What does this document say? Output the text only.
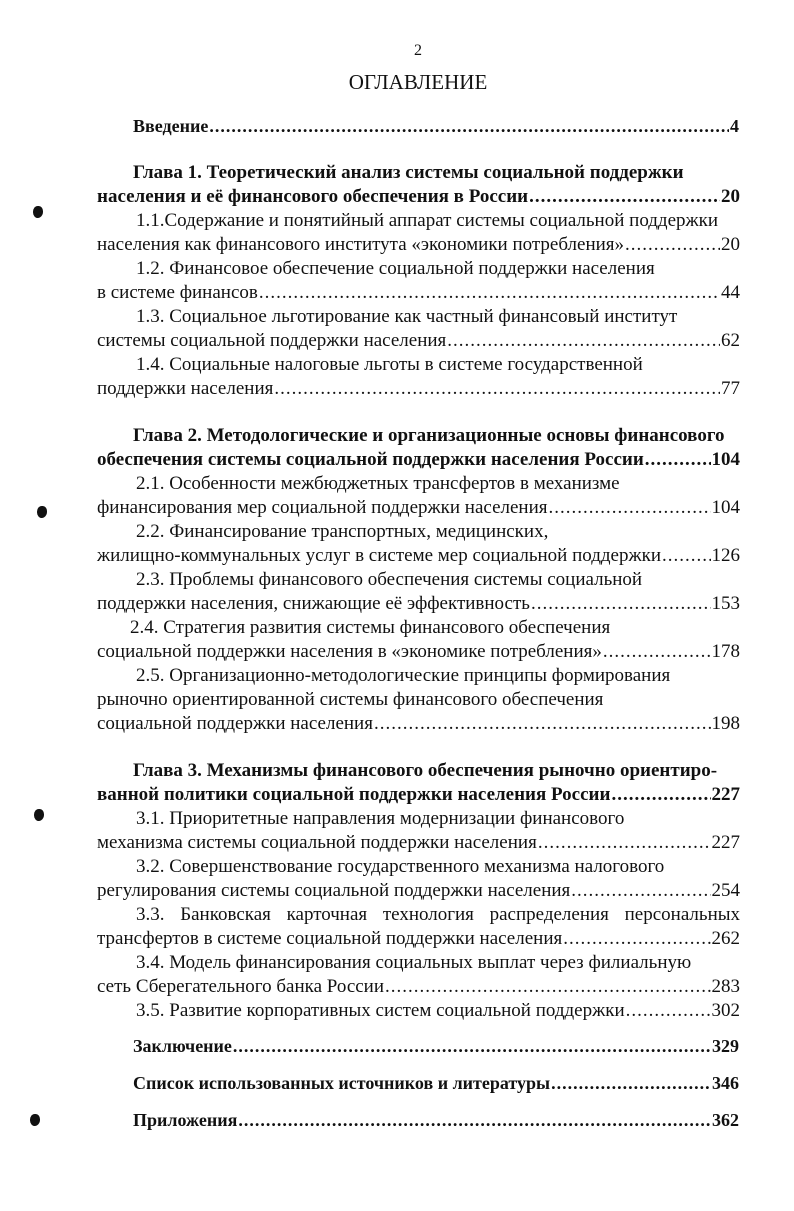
2
ОГЛАВЛЕНИЕ
Введение .....	4
Глава 1. Теоретический анализ системы социальной поддержки
населения и её финансового обеспечения в России .....	20
1.1.Содержание и понятийный аппарат системы социальной поддержки
населения как финансового института «экономики потребления» .....	20
1.2. Финансовое обеспечение социальной поддержки населения
в системе финансов .....	44
1.3. Социальное льготирование как частный финансовый институт
системы социальной поддержки населения .....	62
1.4. Социальные налоговые льготы в системе государственной
поддержки населения .....	77
Глава 2. Методологические и организационные основы финансового
обеспечения системы социальной поддержки населения России .....	104
2.1. Особенности межбюджетных трансфертов в механизме
финансирования мер социальной поддержки населения .....	104
2.2. Финансирование транспортных, медицинских,
жилищно-коммунальных услуг в системе мер социальной поддержки .....	126
2.3. Проблемы финансового обеспечения системы социальной
поддержки населения, снижающие её эффективность .....	153
2.4. Стратегия развития системы финансового обеспечения
социальной поддержки населения в «экономике потребления» .....	178
2.5. Организационно-методологические принципы формирования
рыночно ориентированной системы финансового обеспечения
социальной поддержки населения .....	198
Глава 3. Механизмы финансового обеспечения рыночно ориентиро-
ванной политики социальной поддержки населения России .....	227
3.1. Приоритетные направления модернизации финансового
механизма системы социальной поддержки населения .....	227
3.2. Совершенствование государственного механизма налогового
регулирования системы социальной поддержки населения .....	254
3.3. Банковская карточная технология распределения персональных
трансфертов в системе социальной поддержки населения .....	262
3.4. Модель финансирования социальных выплат через филиальную
сеть Сберегательного банка России .....	283
3.5. Развитие корпоративных систем социальной поддержки .....	302
Заключение .....	329
Список использованных источников и литературы .....	346
Приложения .....	362
